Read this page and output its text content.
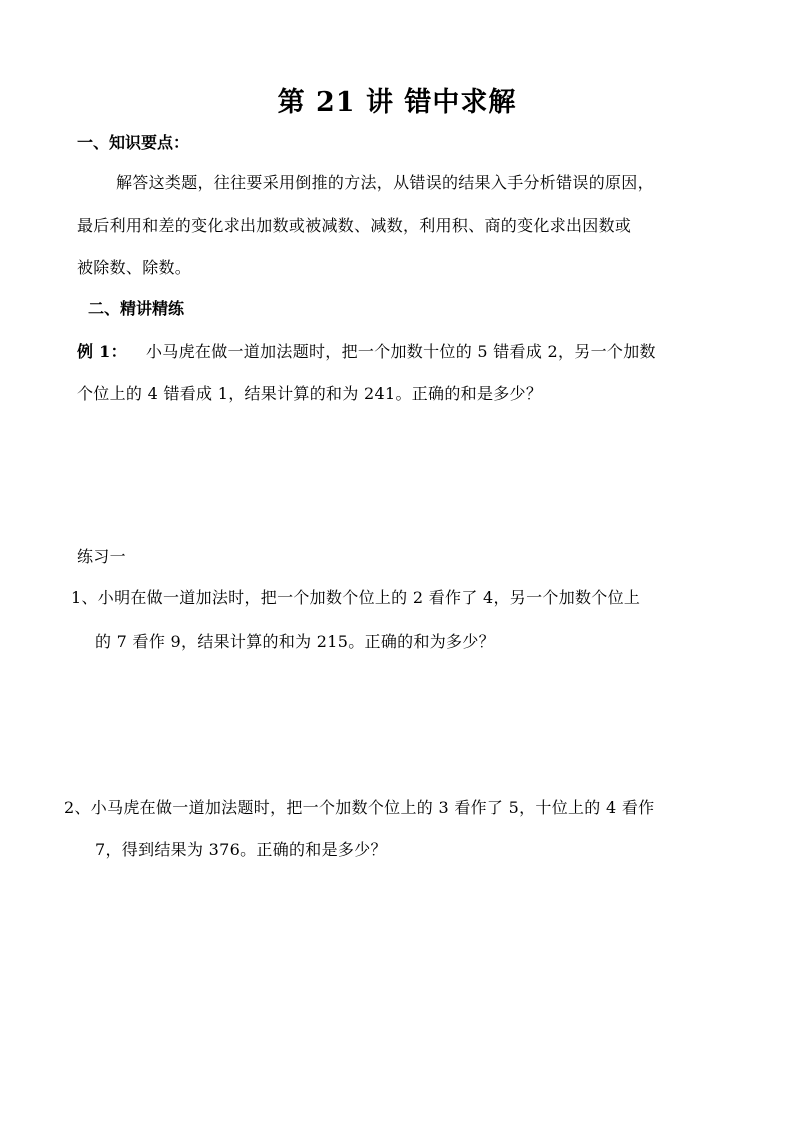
第 21 讲 错中求解
一、知识要点：
解答这类题，往往要采用倒推的方法，从错误的结果入手分析错误的原因，
最后利用和差的变化求出加数或被减数、减数，利用积、商的变化求出因数或
被除数、除数。
二、精讲精练
例 1： 小马虎在做一道加法题时，把一个加数十位的 5 错看成 2，另一个加数
个位上的 4 错看成 1，结果计算的和为 241。正确的和是多少？
练习一
1、小明在做一道加法时，把一个加数个位上的 2 看作了 4，另一个加数个位上
的 7 看作 9，结果计算的和为 215。正确的和为多少？
2、小马虎在做一道加法题时，把一个加数个位上的 3 看作了 5，十位上的 4 看作
7，得到结果为 376。正确的和是多少？
